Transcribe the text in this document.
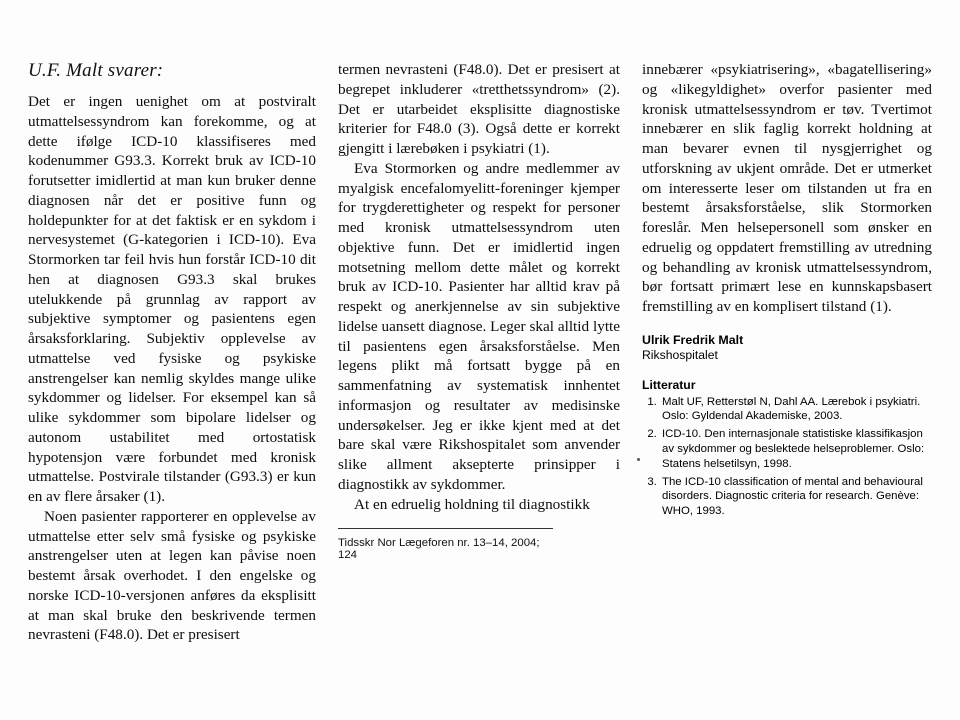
U.F. Malt svarer:

Det er ingen uenighet om at postviralt utmattelsessyndrom kan forekomme, og at dette ifølge ICD-10 klassifiseres med kodenummer G93.3. Korrekt bruk av ICD-10 forutsetter imidlertid at man kun bruker denne diagnosen når det er positive funn og holdepunkter for at det faktisk er en sykdom i nervesystemet (G-kategorien i ICD-10). Eva Stormorken tar feil hvis hun forstår ICD-10 dit hen at diagnosen G93.3 skal brukes utelukkende på grunnlag av rapport av subjektive symptomer og pasientens egen årsaksforklaring. Subjektiv opplevelse av utmattelse ved fysiske og psykiske anstrengelser kan nemlig skyldes mange ulike sykdommer og lidelser. For eksempel kan så ulike sykdommer som bipolare lidelser og autonom ustabilitet med ortostatisk hypotensjon være forbundet med kronisk utmattelse. Postvirale tilstander (G93.3) er kun en av flere årsaker (1).

Noen pasienter rapporterer en opplevelse av utmattelse etter selv små fysiske og psykiske anstrengelser uten at legen kan påvise noen bestemt årsak overhodet. I den engelske og norske ICD-10-versjonen anføres da eksplisitt at man skal bruke den beskrivende termen nevrasteni (F48.0). Det er presisert

termen nevrasteni (F48.0). Det er presisert at begrepet inkluderer «tretthetssyndrom» (2). Det er utarbeidet eksplisitte diagnostiske kriterier for F48.0 (3). Også dette er korrekt gjengitt i lærebøken i psykiatri (1).

Eva Stormorken og andre medlemmer av myalgisk encefalomyelitt-foreninger kjemper for trygderettigheter og respekt for personer med kronisk utmattelsessyndrom uten objektive funn. Det er imidlertid ingen motsetning mellom dette målet og korrekt bruk av ICD-10. Pasienter har alltid krav på respekt og anerkjennelse av sin subjektive lidelse uansett diagnose. Leger skal alltid lytte til pasientens egen årsaksforståelse. Men legens plikt må fortsatt bygge på en sammenfatning av systematisk innhentet informasjon og resultater av medisinske undersøkelser. Jeg er ikke kjent med at det bare skal være Rikshospitalet som anvender slike allment aksepterte prinsipper i diagnostikk av sykdommer.

At en edruelig holdning til diagnostikk

Tidsskr Nor Lægeforen nr. 13–14, 2004; 124

innebærer «psykiatrisering», «bagatellisering» og «likegyldighet» overfor pasienter med kronisk utmattelsessyndrom er tøv. Tvertimot innebærer en slik faglig korrekt holdning at man bevarer evnen til nysgjerrighet og utforskning av ukjent område. Det er utmerket om interesserte leser om tilstanden ut fra en bestemt årsaksforståelse, slik Stormorken foreslår. Men helsepersonell som ønsker en edruelig og oppdatert fremstilling av utredning og behandling av kronisk utmattelsessyndrom, bør fortsatt primært lese en kunnskapsbasert fremstilling av en komplisert tilstand (1).

Ulrik Fredrik Malt
Rikshospitalet
Litteratur
1. Malt UF, Retterstøl N, Dahl AA. Lærebok i psykiatri. Oslo: Gyldendal Akademiske, 2003.
2. ICD-10. Den internasjonale statistiske klassifikasjon av sykdommer og beslektede helseproblemer. Oslo: Statens helsetilsyn, 1998.
3. The ICD-10 classification of mental and behavioural disorders. Diagnostic criteria for research. Genève: WHO, 1993.
